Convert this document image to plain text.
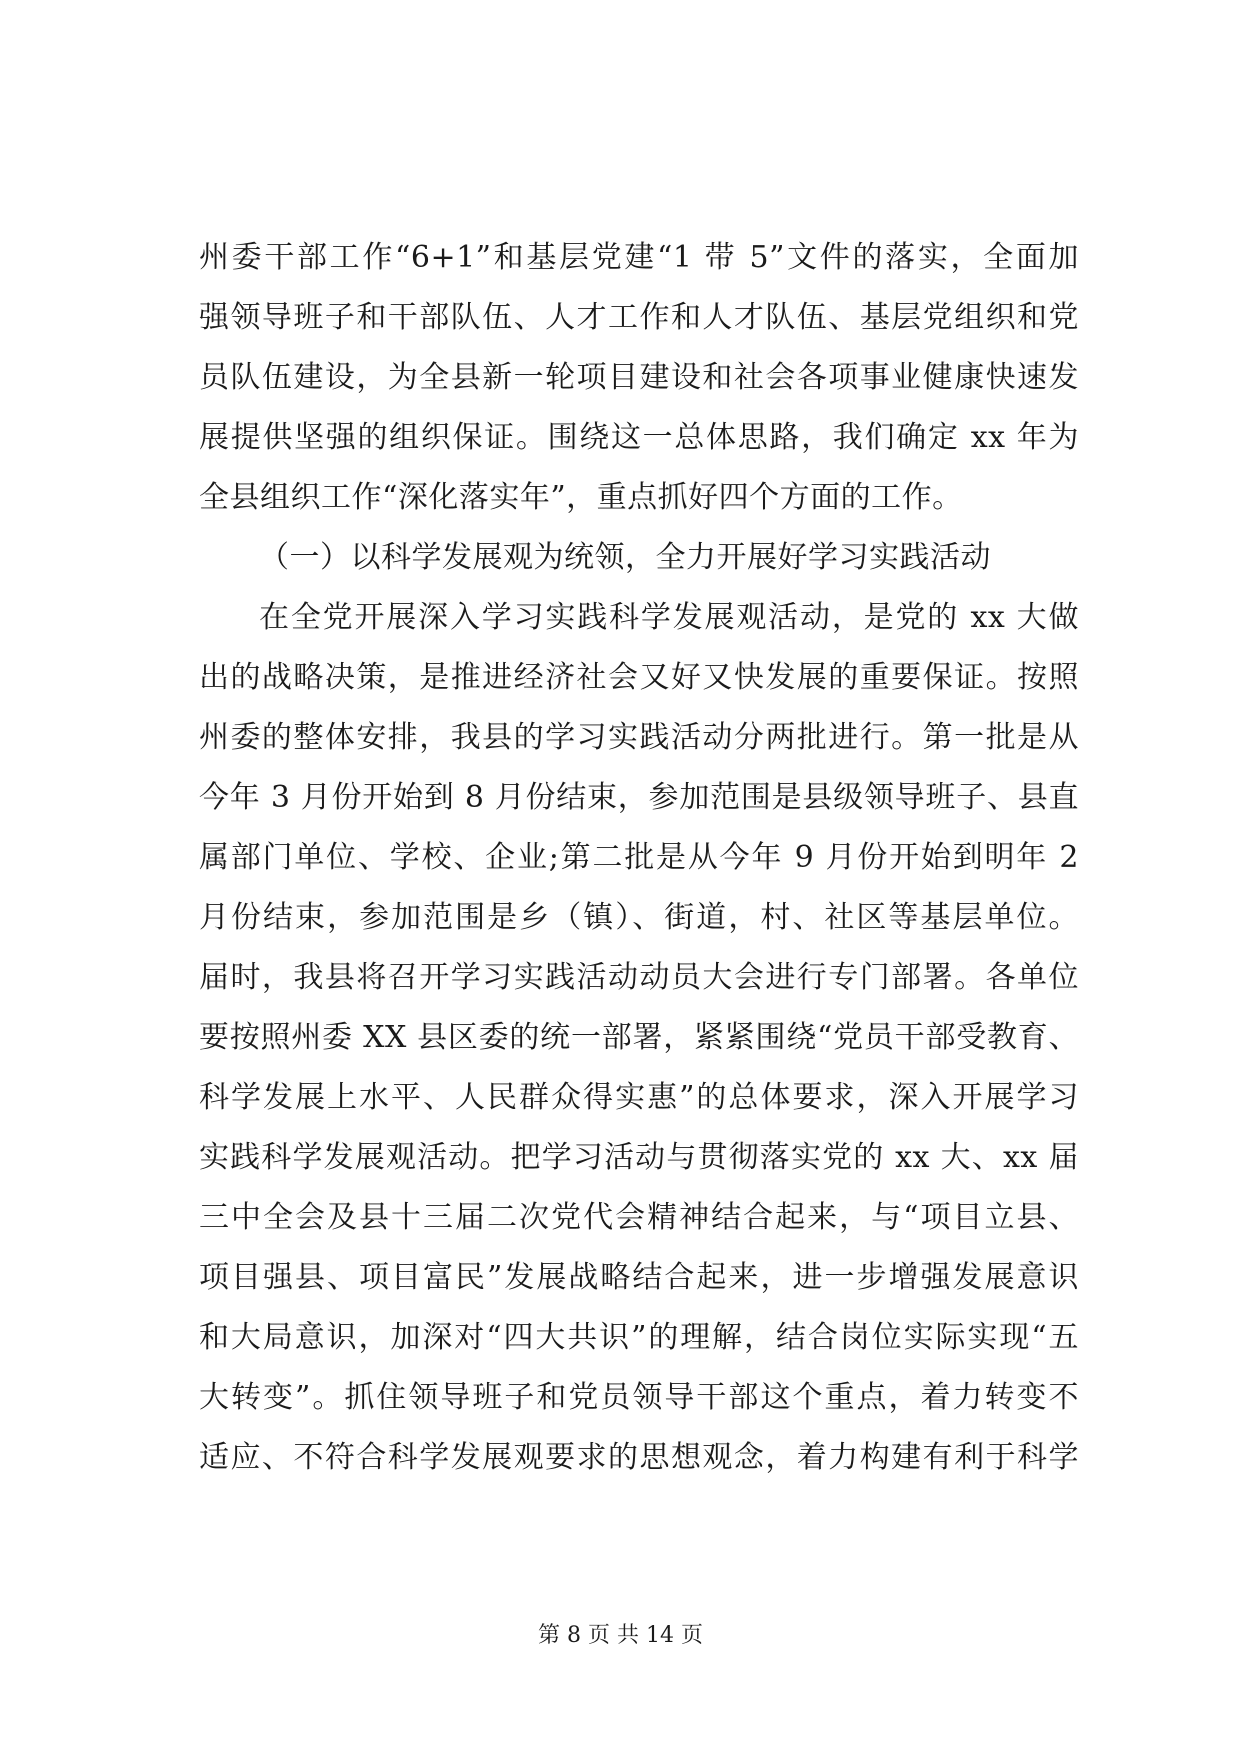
州委干部工作“6+1”和基层党建“1 带 5”文件的落实，全面加
强领导班子和干部队伍、人才工作和人才队伍、基层党组织和党
员队伍建设，为全县新一轮项目建设和社会各项事业健康快速发
展提供坚强的组织保证。围绕这一总体思路，我们确定 xx 年为
全县组织工作“深化落实年”，重点抓好四个方面的工作。
（一）以科学发展观为统领，全力开展好学习实践活动
在全党开展深入学习实践科学发展观活动，是党的 xx 大做
出的战略决策，是推进经济社会又好又快发展的重要保证。按照
州委的整体安排，我县的学习实践活动分两批进行。第一批是从
今年 3 月份开始到 8 月份结束，参加范围是县级领导班子、县直
属部门单位、学校、企业;第二批是从今年 9 月份开始到明年 2
月份结束，参加范围是乡（镇）、街道，村、社区等基层单位。
届时，我县将召开学习实践活动动员大会进行专门部署。各单位
要按照州委 XX 县区委的统一部署，紧紧围绕“党员干部受教育、
科学发展上水平、人民群众得实惠”的总体要求，深入开展学习
实践科学发展观活动。把学习活动与贯彻落实党的 xx 大、xx 届
三中全会及县十三届二次党代会精神结合起来，与“项目立县、
项目强县、项目富民”发展战略结合起来，进一步增强发展意识
和大局意识，加深对“四大共识”的理解，结合岗位实际实现“五
大转变”。抓住领导班子和党员领导干部这个重点，着力转变不
适应、不符合科学发展观要求的思想观念，着力构建有利于科学
第 8 页 共 14 页
